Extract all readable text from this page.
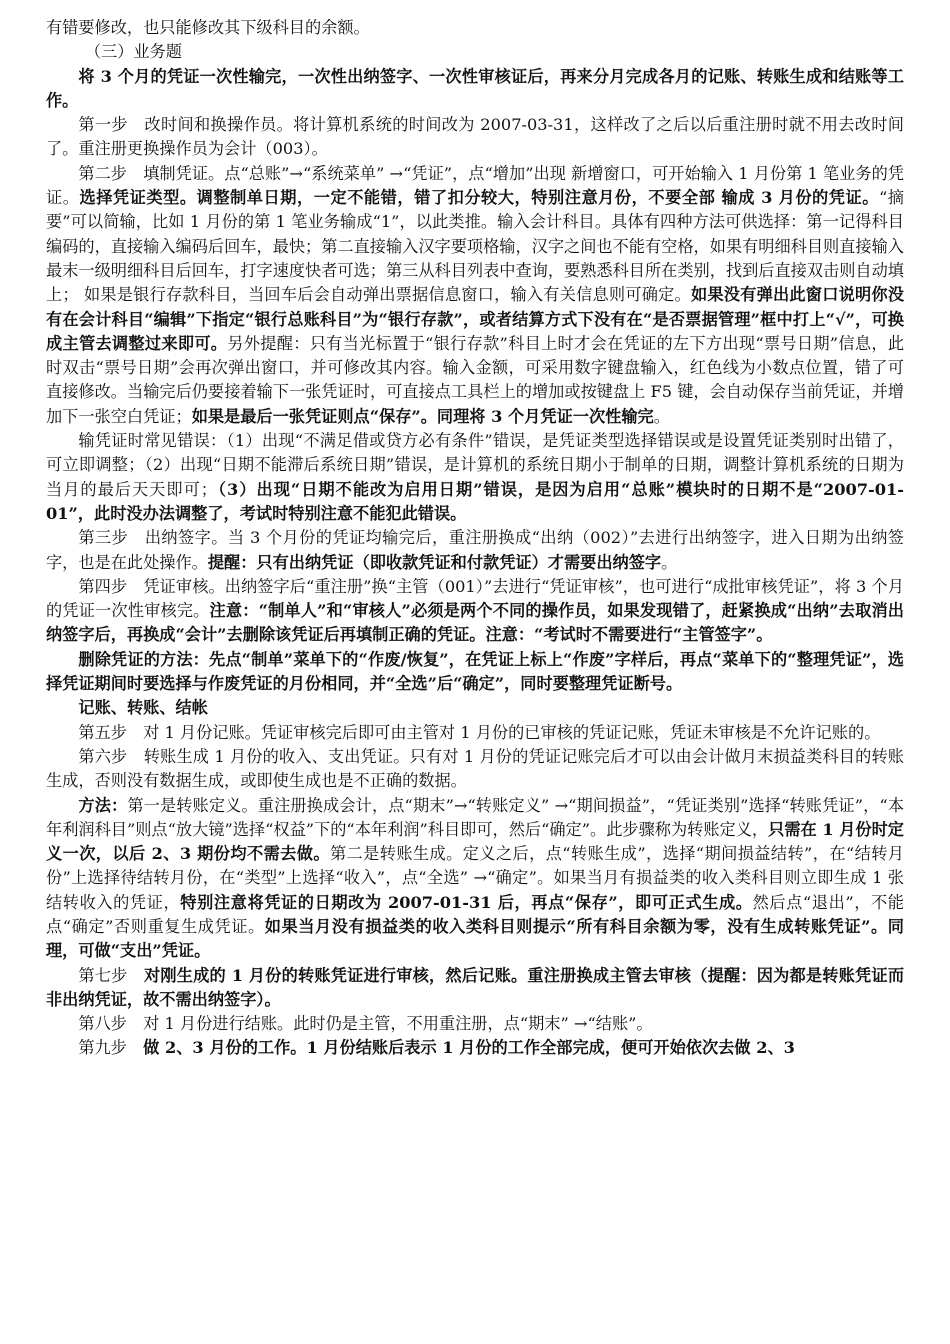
有错要修改，也只能修改其下级科目的余额。

（三）业务题

将 3 个月的凭证一次性输完，一次性出纳签字、一次性审核证后，再来分月完成各月的记账、转账生成和结账等工作。

第一步　改时间和换操作员。将计算机系统的时间改为 2007-03-31，这样改了之后以后重注册时就不用去改时间了。重注册更换操作员为会计（003）。

第二步　填制凭证。点“总账”→“系统菜单” →“凭证”，点“增加”出现 新增窗口，可开始输入 1 月份第 1 笔业务的凭证。选择凭证类型。调整制单日期，一定不能错，错了扣分较大，特别注意月份，不要全部 输成 3 月份的凭证。“摘要”可以简输，比如 1 月份的第 1 笔业务输成“1”，以此类推。输入会计科目。具体有四种方法可供选择：第一记得科目编码的，直接输入编码后回车，最快；第二直接输入汉字要项格输，汉字之间也不能有空格，如果有明细科目则直接输入最末一级明细科目后回车，打字速度快者可选；第三从科目列表中查询，要熟悉科目所在类别，找到后直接双击则自动填上； 如果是银行存款科目，当回车后会自动弹出票据信息窗口，输入有关信息则可确定。如果没有弹出此窗口说明你没有在会计科目“编辑”下指定“银行总账科目”为“银行存款”，或者结算方式下没有在“是否票据管理”框中打上“√”，可换成主管去调整过来即可。另外提醒：只有当光标置于“银行存款”科目上时才会在凭证的左下方出现“票号日期”信息，此时双击“票号日期”会再次弹出窗口，并可修改其内容。输入金额，可采用数字键盘输入，红色线为小数点位置，错了可直接修改。当输完后仍要接着输下一张凭证时，可直接点工具栏上的增加或按键盘上 F5 键，会自动保存当前凭证，并增加下一张空白凭证；如果是最后一张凭证则点“保存”。同理将 3 个月凭证一次性输完。

输凭证时常见错误：（1）出现“不满足借或贷方必有条件”错误，是凭证类型选择错误或是设置凭证类别时出错了，可立即调整；（2）出现“日期不能滞后系统日期”错误，是计算机的系统日期小于制单的日期，调整计算机系统的日期为当月的最后天天即可；（3）出现“日期不能改为启用日期”错误，是因为启用“总账”模块时的日期不是“2007-01-01”，此时没办法调整了，考试时特别注意不能犯此错误。

第三步　出纳签字。当 3 个月份的凭证均输完后，重注册换成“出纳（002）”去进行出纳签字，进入日期为出纳签字，也是在此处操作。提醒：只有出纳凭证（即收款凭证和付款凭证）才需要出纳签字。

第四步　凭证审核。出纳签字后“重注册”换“主管（001）”去进行“凭证审核”，也可进行“成批审核凭证”，将 3 个月的凭证一次性审核完。注意：“制单人”和“审核人”必须是两个不同的操作员，如果发现错了，赶紧换成“出纳”去取消出纳签字后，再换成“会计”去删除该凭证后再填制正确的凭证。注意：“考试时不需要进行“主管签字”。

删除凭证的方法：先点“制单”菜单下的“作废/恢复”，在凭证上标上“作废”字样后，再点“菜单下的“整理凭证”，选择凭证期间时要选择与作废凭证的月份相同，并“全选”后“确定”，同时要整理凭证断号。

记账、转账、结帐

第五步　对 1 月份记账。凭证审核完后即可由主管对 1 月份的已审核的凭证记账，凭证未审核是不允许记账的。

第六步　转账生成 1 月份的收入、支出凭证。只有对 1 月份的凭证记账完后才可以由会计做月末损益类科目的转账生成，否则没有数据生成，或即使生成也是不正确的数据。

方法：第一是转账定义。重注册换成会计，点“期末”→“转账定义” →“期间损益”，“凭证类别”选择“转账凭证”，“本年利润科目”则点“放大镜”选择“权益”下的“本年利润”科目即可，然后“确定”。此步骤称为转账定义，只需在 1 月份时定义一次，以后 2、3 期份均不需去做。第二是转账生成。定义之后，点“转账生成”，选择“期间损益结转”，在“结转月份”上选择待结转月份，在“类型”上选择“收入”，点“全选” →“确定”。如果当月有损益类的收入类科目则立即生成 1 张结转收入的凭证，特别注意将凭证的日期改为 2007-01-31 后，再点“保存”，即可正式生成。然后点“退出”，不能点“确定”否则重复生成凭证。如果当月没有损益类的收入类科目则提示“所有科目余额为零，没有生成转账凭证”。同理，可做“支出”凭证。

第七步　对刚生成的 1 月份的转账凭证进行审核，然后记账。重注册换成主管去审核（提醒：因为都是转账凭证而非出纳凭证，故不需出纳签字）。

第八步　对 1 月份进行结账。此时仍是主管，不用重注册，点“期末” →“结账”。

第九步　做 2、3 月份的工作。1 月份结账后表示 1 月份的工作全部完成，便可开始依次去做 2、3
